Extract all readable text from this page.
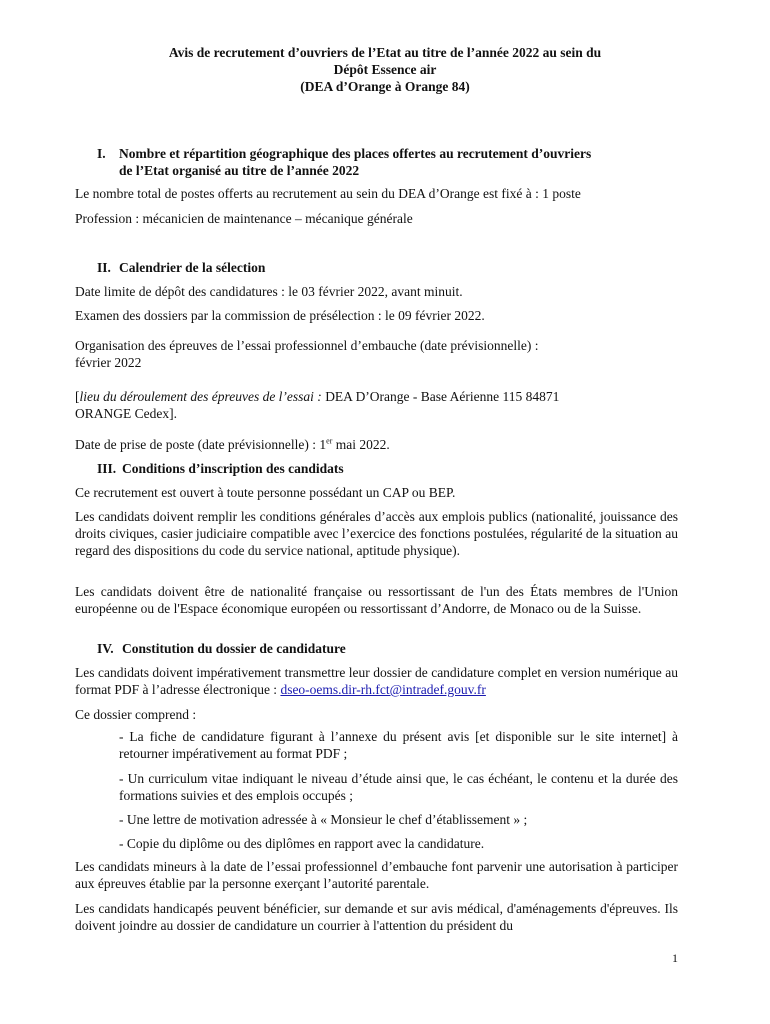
Avis de recrutement d’ouvriers de l’Etat au titre de l’année 2022 au sein du
Dépôt Essence air
(DEA d’Orange à Orange 84)
I. Nombre et répartition géographique des places offertes au recrutement d’ouvriers
de l’Etat organisé au titre de l’année 2022
Le nombre total de postes offerts au recrutement au sein du DEA d’Orange est fixé à : 1 poste
Profession : mécanicien de maintenance – mécanique générale
II. Calendrier de la sélection
Date limite de dépôt des candidatures : le 03 février 2022, avant minuit.
Examen des dossiers par la commission de présélection : le 09 février 2022.
Organisation des épreuves de l’essai professionnel d’embauche (date prévisionnelle) :
février 2022
[lieu du déroulement des épreuves de l’essai : DEA D’Orange - Base Aérienne 115 84871
ORANGE Cedex].
Date de prise de poste (date prévisionnelle) : 1er mai 2022.
III. Conditions d’inscription des candidats
Ce recrutement est ouvert à toute personne possédant un CAP ou BEP.
Les candidats doivent remplir les conditions générales d’accès aux emplois publics (nationalité, jouissance des droits civiques, casier judiciaire compatible avec l’exercice des fonctions postulées, régularité de la situation au regard des dispositions du code du service national, aptitude physique).
Les candidats doivent être de nationalité française ou ressortissant de l'un des États membres de l'Union européenne ou de l'Espace économique européen ou ressortissant d’Andorre, de Monaco ou de la Suisse.
IV. Constitution du dossier de candidature
Les candidats doivent impérativement transmettre leur dossier de candidature complet en version numérique au format PDF à l’adresse électronique : dseo-oems.dir-rh.fct@intradef.gouv.fr
Ce dossier comprend :
- La fiche de candidature figurant à l’annexe du présent avis [et disponible sur le site internet] à retourner impérativement au format PDF ;
- Un curriculum vitae indiquant le niveau d’étude ainsi que, le cas échéant, le contenu et la durée des formations suivies et des emplois occupés ;
- Une lettre de motivation adressée à « Monsieur le chef d’établissement » ;
- Copie du diplôme ou des diplômes en rapport avec la candidature.
Les candidats mineurs à la date de l’essai professionnel d’embauche font parvenir une autorisation à participer aux épreuves établie par la personne exerçant l’autorité parentale.
Les candidats handicapés peuvent bénéficier, sur demande et sur avis médical, d'aménagements d'épreuves. Ils doivent joindre au dossier de candidature un courrier à l'attention du président du
1
